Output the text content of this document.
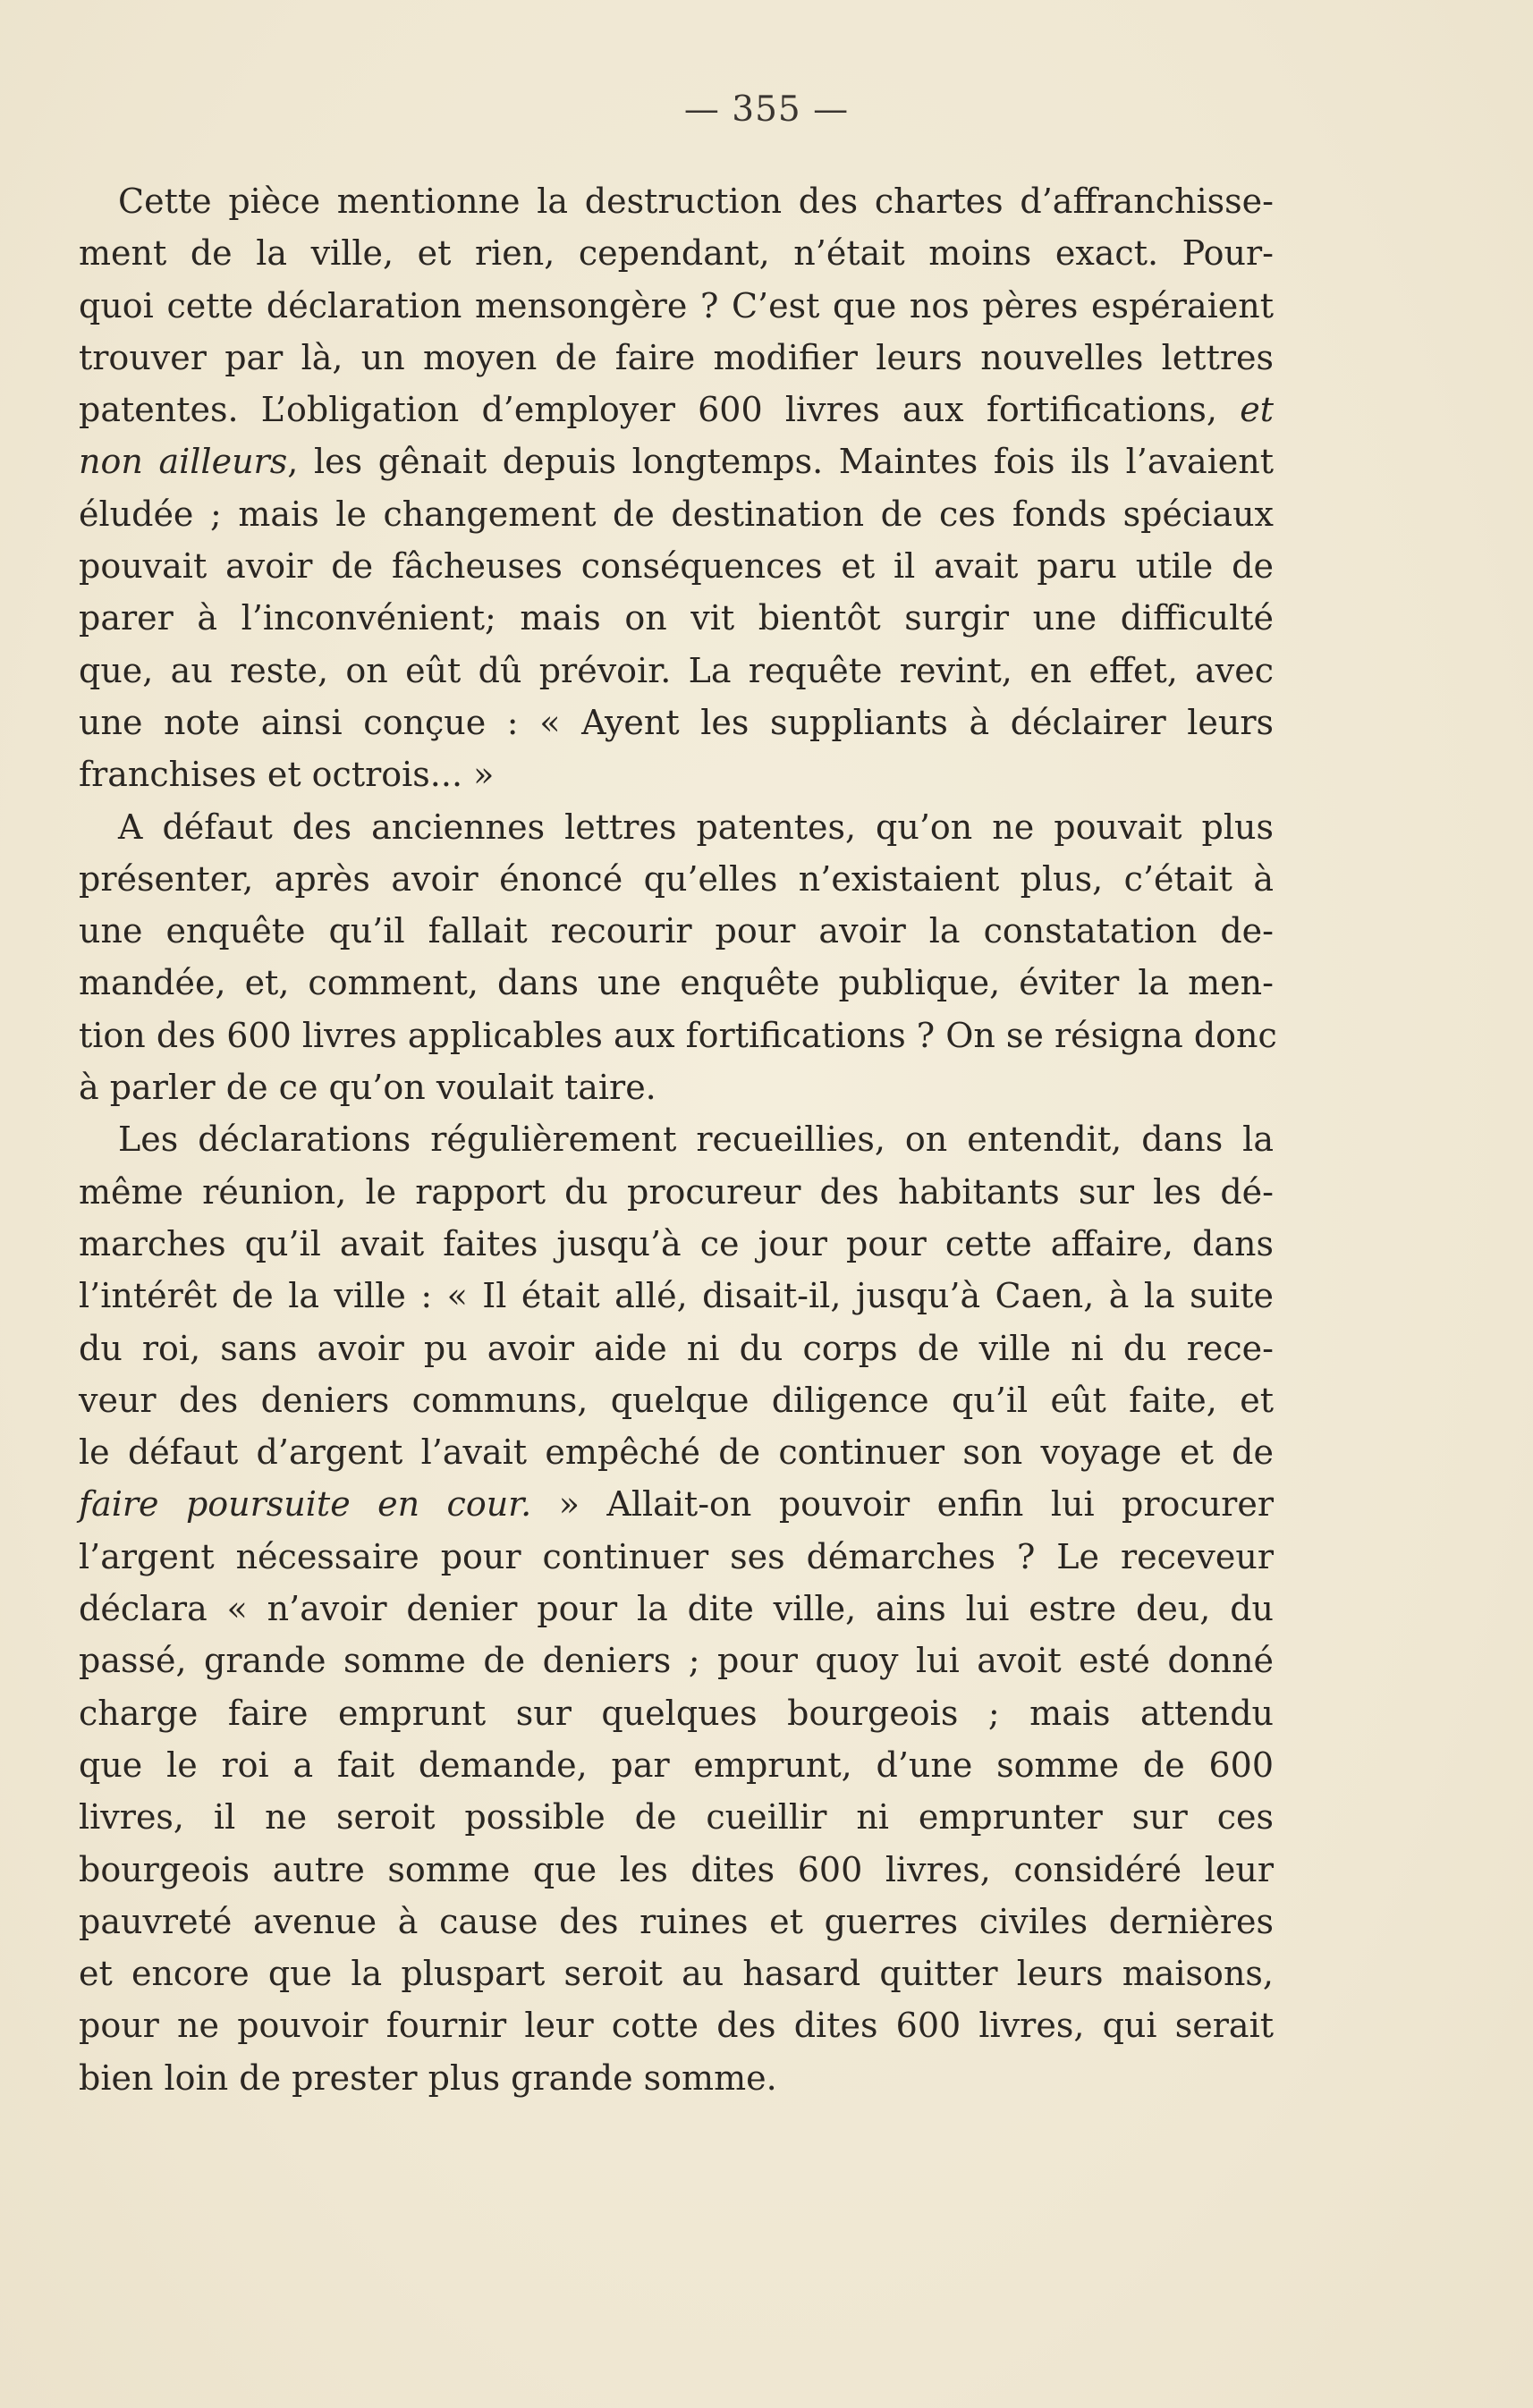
— 355 —
Cette pièce mentionne la destruction des chartes d’affranchisse-
ment de la ville, et rien, cependant, n’était moins exact. Pour-
quoi cette déclaration mensongère ? C’est que nos pères espéraient
trouver par là, un moyen de faire modifier leurs nouvelles lettres
patentes. L’obligation d’employer 600 livres aux fortifications, et
non ailleurs, les gênait depuis longtemps. Maintes fois ils l’avaient
éludée ; mais le changement de destination de ces fonds spéciaux
pouvait avoir de fâcheuses conséquences et il avait paru utile de
parer à l’inconvénient; mais on vit bientôt surgir une difficulté
que, au reste, on eût dû prévoir. La requête revint, en effet, avec
une note ainsi conçue : « Ayent les suppliants à déclairer leurs
franchises et octrois... »
A défaut des anciennes lettres patentes, qu’on ne pouvait plus
présenter, après avoir énoncé qu’elles n’existaient plus, c’était à
une enquête qu’il fallait recourir pour avoir la constatation de-
mandée, et, comment, dans une enquête publique, éviter la men-
tion des 600 livres applicables aux fortifications ? On se résigna donc
à parler de ce qu’on voulait taire.
Les déclarations régulièrement recueillies, on entendit, dans la
même réunion, le rapport du procureur des habitants sur les dé-
marches qu’il avait faites jusqu’à ce jour pour cette affaire, dans
l’intérêt de la ville : « Il était allé, disait-il, jusqu’à Caen, à la suite
du roi, sans avoir pu avoir aide ni du corps de ville ni du rece-
veur des deniers communs, quelque diligence qu’il eût faite, et
le défaut d’argent l’avait empêché de continuer son voyage et de
faire poursuite en cour. » Allait-on pouvoir enfin lui procurer
l’argent nécessaire pour continuer ses démarches ? Le receveur
déclara « n’avoir denier pour la dite ville, ains lui estre deu, du
passé, grande somme de deniers ; pour quoy lui avoit esté donné
charge faire emprunt sur quelques bourgeois ; mais attendu
que le roi a fait demande, par emprunt, d’une somme de 600
livres, il ne seroit possible de cueillir ni emprunter sur ces
bourgeois autre somme que les dites 600 livres, considéré leur
pauvreté avenue à cause des ruines et guerres civiles dernières
et encore que la pluspart seroit au hasard quitter leurs maisons,
pour ne pouvoir fournir leur cotte des dites 600 livres, qui serait
bien loin de prester plus grande somme.
